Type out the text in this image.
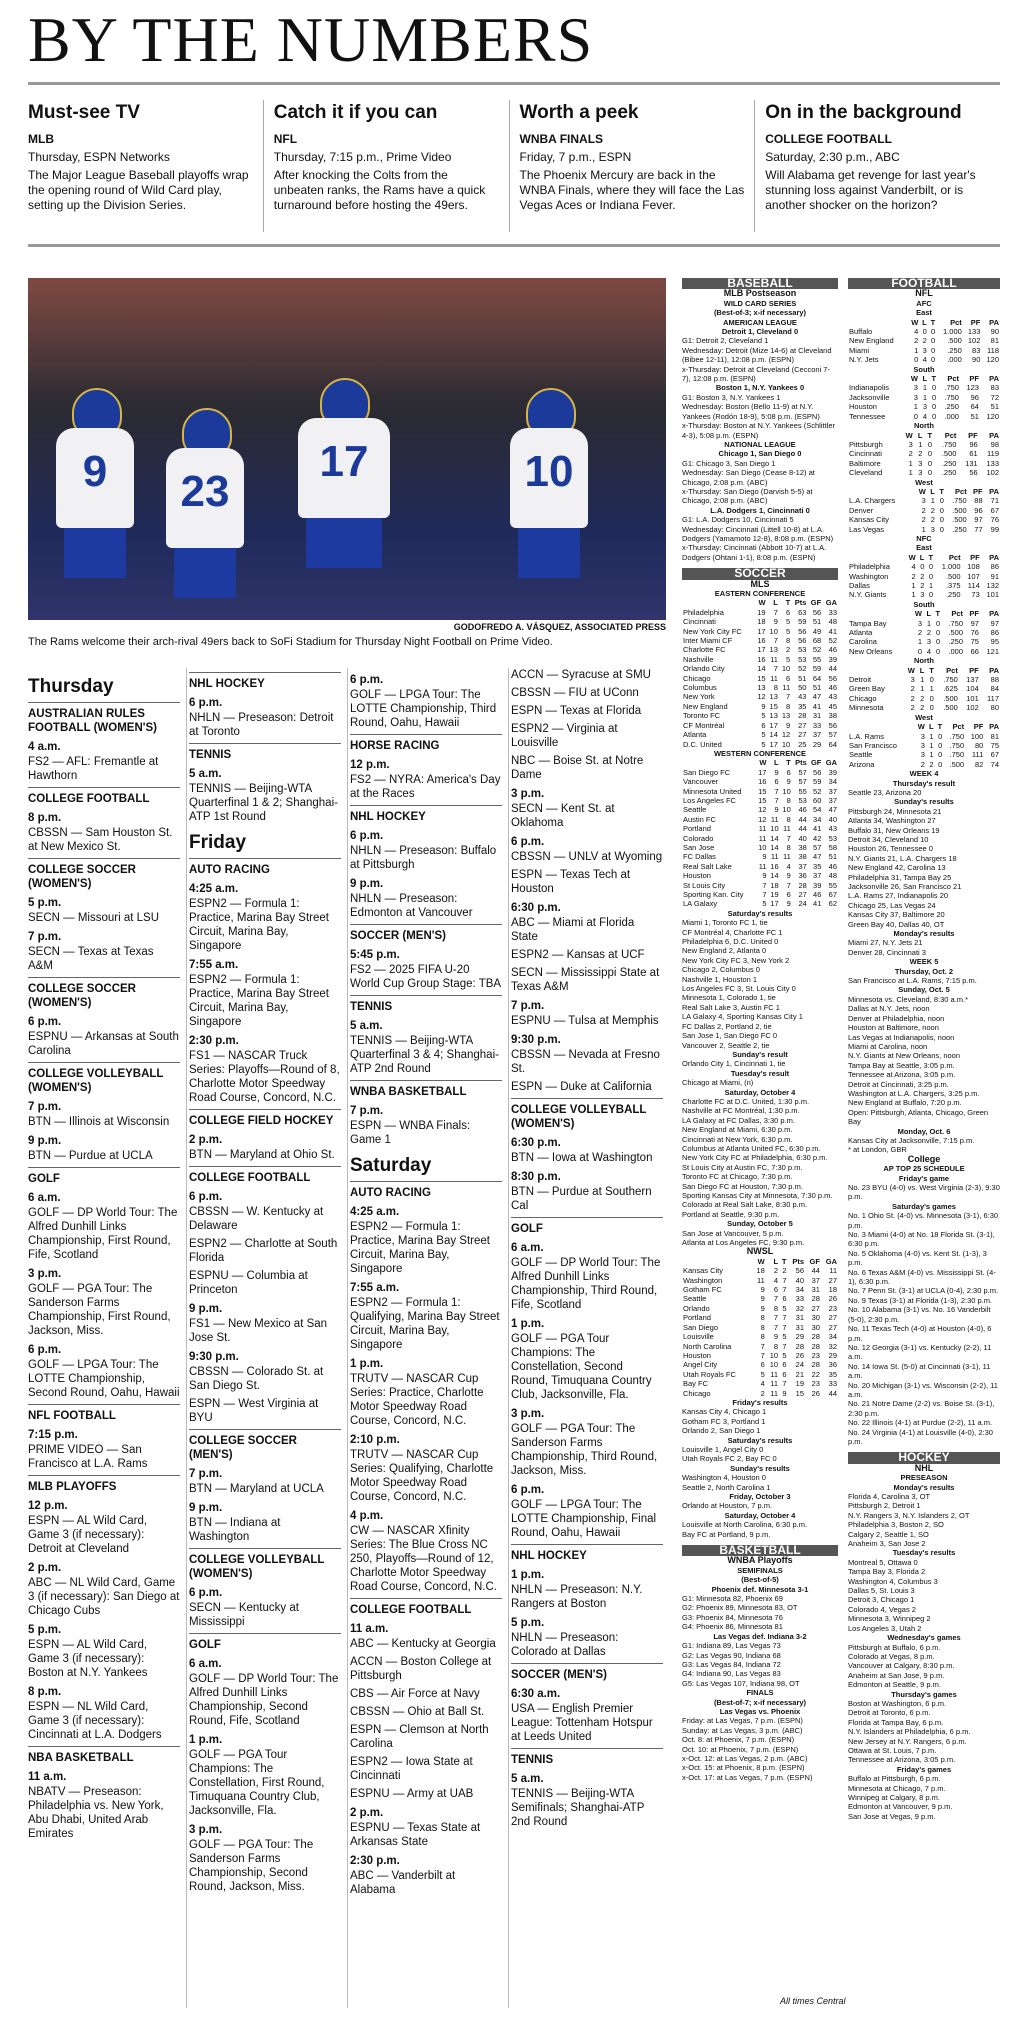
BY THE NUMBERS
Must-see TV
MLB
Thursday, ESPN Networks
The Major League Baseball playoffs wrap the opening round of Wild Card play, setting up the Division Series.
Catch it if you can
NFL
Thursday, 7:15 p.m., Prime Video
After knocking the Colts from the unbeaten ranks, the Rams have a quick turnaround before hosting the 49ers.
Worth a peek
WNBA FINALS
Friday, 7 p.m., ESPN
The Phoenix Mercury are back in the WNBA Finals, where they will face the Las Vegas Aces or Indiana Fever.
On in the background
COLLEGE FOOTBALL
Saturday, 2:30 p.m., ABC
Will Alabama get revenge for last year's stunning loss against Vanderbilt, or is another shocker on the horizon?
9	23
17	10
GODOFREDO A. VÁSQUEZ, ASSOCIATED PRESS
The Rams welcome their arch-rival 49ers back to SoFi Stadium for Thursday Night Football on Prime Video.
Thursday
AUSTRALIAN RULES FOOTBALL (WOMEN'S)
4 a.m.
FS2 — AFL: Fremantle at Hawthorn
COLLEGE FOOTBALL
8 p.m.
CBSSN — Sam Houston St. at New Mexico St.
COLLEGE SOCCER (WOMEN'S)
5 p.m.
SECN — Missouri at LSU
7 p.m.
SECN — Texas at Texas A&M
COLLEGE SOCCER (WOMEN'S)
6 p.m.
ESPNU — Arkansas at South Carolina
COLLEGE VOLLEYBALL (WOMEN'S)
7 p.m.
BTN — Illinois at Wisconsin
9 p.m.
BTN — Purdue at UCLA
GOLF
6 a.m.
GOLF — DP World Tour: The Alfred Dunhill Links Championship, First Round, Fife, Scotland
3 p.m.
GOLF — PGA Tour: The Sanderson Farms Championship, First Round, Jackson, Miss.
6 p.m.
GOLF — LPGA Tour: The LOTTE Championship, Second Round, Oahu, Hawaii
NFL FOOTBALL
7:15 p.m.
PRIME VIDEO — San Francisco at L.A. Rams
MLB PLAYOFFS
12 p.m.
ESPN — AL Wild Card, Game 3 (if necessary): Detroit at Cleveland
2 p.m.
ABC — NL Wild Card, Game 3 (if necessary): San Diego at Chicago Cubs
5 p.m.
ESPN — AL Wild Card, Game 3 (if necessary): Boston at N.Y. Yankees
8 p.m.
ESPN — NL Wild Card, Game 3 (if necessary): Cincinnati at L.A. Dodgers
NBA BASKETBALL
11 a.m.
NBATV — Preseason: Philadelphia vs. New York, Abu Dhabi, United Arab Emirates
NHL HOCKEY
6 p.m.
NHLN — Preseason: Detroit at Toronto
TENNIS
5 a.m.
TENNIS — Beijing-WTA Quarterfinal 1 & 2; Shanghai-ATP 1st Round
Friday
AUTO RACING
4:25 a.m.
ESPN2 — Formula 1: Practice, Marina Bay Street Circuit, Marina Bay, Singapore
7:55 a.m.
ESPN2 — Formula 1: Practice, Marina Bay Street Circuit, Marina Bay, Singapore
2:30 p.m.
FS1 — NASCAR Truck Series: Playoffs—Round of 8, Charlotte Motor Speedway Road Course, Concord, N.C.
COLLEGE FIELD HOCKEY
2 p.m.
BTN — Maryland at Ohio St.
COLLEGE FOOTBALL
6 p.m.
CBSSN — W. Kentucky at Delaware
ESPN2 — Charlotte at South Florida
ESPNU — Columbia at Princeton
9 p.m.
FS1 — New Mexico at San Jose St.
9:30 p.m.
CBSSN — Colorado St. at San Diego St.
ESPN — West Virginia at BYU
COLLEGE SOCCER (MEN'S)
7 p.m.
BTN — Maryland at UCLA
9 p.m.
BTN — Indiana at Washington
COLLEGE VOLLEYBALL (WOMEN'S)
6 p.m.
SECN — Kentucky at Mississippi
GOLF
6 a.m.
GOLF — DP World Tour: The Alfred Dunhill Links Championship, Second Round, Fife, Scotland
1 p.m.
GOLF — PGA Tour Champions: The Constellation, First Round, Timuquana Country Club, Jacksonville, Fla.
3 p.m.
GOLF — PGA Tour: The Sanderson Farms Championship, Second Round, Jackson, Miss.
6 p.m.
GOLF — LPGA Tour: The LOTTE Championship, Third Round, Oahu, Hawaii
HORSE RACING
12 p.m.
FS2 — NYRA: America's Day at the Races
NHL HOCKEY
6 p.m.
NHLN — Preseason: Buffalo at Pittsburgh
9 p.m.
NHLN — Preseason: Edmonton at Vancouver
SOCCER (MEN'S)
5:45 p.m.
FS2 — 2025 FIFA U-20 World Cup Group Stage: TBA
TENNIS
5 a.m.
TENNIS — Beijing-WTA Quarterfinal 3 & 4; Shanghai-ATP 2nd Round
WNBA BASKETBALL
7 p.m.
ESPN — WNBA Finals: Game 1
Saturday
AUTO RACING
4:25 a.m.
ESPN2 — Formula 1: Practice, Marina Bay Street Circuit, Marina Bay, Singapore
7:55 a.m.
ESPN2 — Formula 1: Qualifying, Marina Bay Street Circuit, Marina Bay, Singapore
1 p.m.
TRUTV — NASCAR Cup Series: Practice, Charlotte Motor Speedway Road Course, Concord, N.C.
2:10 p.m.
TRUTV — NASCAR Cup Series: Qualifying, Charlotte Motor Speedway Road Course, Concord, N.C.
4 p.m.
CW — NASCAR Xfinity Series: The Blue Cross NC 250, Playoffs—Round of 12, Charlotte Motor Speedway Road Course, Concord, N.C.
COLLEGE FOOTBALL
11 a.m.
ABC — Kentucky at Georgia
ACCN — Boston College at Pittsburgh
CBS — Air Force at Navy
CBSSN — Ohio at Ball St.
ESPN — Clemson at North Carolina
ESPN2 — Iowa State at Cincinnati
ESPNU — Army at UAB
2 p.m.
ESPNU — Texas State at Arkansas State
2:30 p.m.
ABC — Vanderbilt at Alabama
ACCN — Syracuse at SMU
CBSSN — FIU at UConn
ESPN — Texas at Florida
ESPN2 — Virginia at Louisville
NBC — Boise St. at Notre Dame
3 p.m.
SECN — Kent St. at Oklahoma
6 p.m.
CBSSN — UNLV at Wyoming
ESPN — Texas Tech at Houston
6:30 p.m.
ABC — Miami at Florida State
ESPN2 — Kansas at UCF
SECN — Mississippi State at Texas A&M
7 p.m.
ESPNU — Tulsa at Memphis
9:30 p.m.
CBSSN — Nevada at Fresno St.
ESPN — Duke at California
COLLEGE VOLLEYBALL (WOMEN'S)
6:30 p.m.
BTN — Iowa at Washington
8:30 p.m.
BTN — Purdue at Southern Cal
GOLF
6 a.m.
GOLF — DP World Tour: The Alfred Dunhill Links Championship, Third Round, Fife, Scotland
1 p.m.
GOLF — PGA Tour Champions: The Constellation, Second Round, Timuquana Country Club, Jacksonville, Fla.
3 p.m.
GOLF — PGA Tour: The Sanderson Farms Championship, Third Round, Jackson, Miss.
6 p.m.
GOLF — LPGA Tour: The LOTTE Championship, Final Round, Oahu, Hawaii
NHL HOCKEY
1 p.m.
NHLN — Preseason: N.Y. Rangers at Boston
5 p.m.
NHLN — Preseason: Colorado at Dallas
SOCCER (MEN'S)
6:30 a.m.
USA — English Premier League: Tottenham Hotspur at Leeds United
TENNIS
5 a.m.
TENNIS — Beijing-WTA Semifinals; Shanghai-ATP 2nd Round
BASEBALL
MLB Postseason
WILD CARD SERIES
(Best-of-3; x-if necessary)
AMERICAN LEAGUE
Detroit 1, Cleveland 0
G1: Detroit 2, Cleveland 1
Wednesday: Detroit (Mize 14-6) at Cleveland (Bibee 12-11), 12:08 p.m. (ESPN)
x-Thursday: Detroit at Cleveland (Cecconi 7-7), 12:08 p.m. (ESPN)
Boston 1, N.Y. Yankees 0
G1: Boston 3, N.Y. Yankees 1
Wednesday: Boston (Bello 11-9) at N.Y. Yankees (Rodón 18-9), 5:08 p.m. (ESPN)
x-Thursday: Boston at N.Y. Yankees (Schlittler 4-3), 5:08 p.m. (ESPN)
NATIONAL LEAGUE
Chicago 1, San Diego 0
G1: Chicago 3, San Diego 1
Wednesday: San Diego (Cease 8-12) at Chicago, 2:08 p.m. (ABC)
x-Thursday: San Diego (Darvish 5-5) at Chicago, 2:08 p.m. (ABC)
L.A. Dodgers 1, Cincinnati 0
G1: L.A. Dodgers 10, Cincinnati 5
Wednesday: Cincinnati (Littell 10-8) at L.A. Dodgers (Yamamoto 12-8), 8:08 p.m. (ESPN)
x-Thursday: Cincinnati (Abbott 10-7) at L.A. Dodgers (Ohtani 1-1), 8:08 p.m. (ESPN)
SOCCER
MLS
EASTERN CONFERENCE
	W	L	T	Pts	GF	GA
Philadelphia	19	7	6	63	56	33
Cincinnati	18	9	5	59	51	48
New York City FC	17	10	5	56	49	41
Inter Miami CF	16	7	8	56	68	52
Charlotte FC	17	13	2	53	52	46
Nashville	16	11	5	53	55	39
Orlando City	14	7	10	52	59	44
Chicago	15	11	6	51	64	56
Columbus	13	8	11	50	51	46
New York	12	13	7	43	47	43
New England	9	15	8	35	41	45
Toronto FC	5	13	13	28	31	38
CF Montréal	6	17	9	27	33	56
Atlanta	5	14	12	27	37	57
D.C. United	5	17	10	25	29	64
WESTERN CONFERENCE
	W	L	T	Pts	GF	GA
San Diego FC	17	9	6	57	56	39
Vancouver	16	6	9	57	59	34
Minnesota United	15	7	10	55	52	37
Los Angeles FC	15	7	8	53	60	37
Seattle	12	9	10	46	54	47
Austin FC	12	11	8	44	34	40
Portland	11	10	11	44	41	43
Colorado	11	14	7	40	42	53
San Jose	10	14	8	38	57	58
FC Dallas	9	11	11	38	47	51
Real Salt Lake	11	16	4	37	35	46
Houston	9	14	9	36	37	48
St Louis City	7	18	7	28	39	55
Sporting Kan. City	7	19	6	27	46	67
LA Galaxy	5	17	9	24	41	62
Saturday's results
Miami 1, Toronto FC 1, tie
CF Montréal 4, Charlotte FC 1
Philadelphia 6, D.C. United 0
New England 2, Atlanta 0
New York City FC 3, New York 2
Chicago 2, Columbus 0
Nashville 1, Houston 1
Los Angeles FC 3, St. Louis City 0
Minnesota 1, Colorado 1, tie
Real Salt Lake 3, Austin FC 1
LA Galaxy 4, Sporting Kansas City 1
FC Dallas 2, Portland 2, tie
San Jose 1, San Diego FC 0
Vancouver 2, Seattle 2, tie
Sunday's result
Orlando City 1, Cincinnati 1, tie
Tuesday's result
Chicago at Miami, (n)
Saturday, October 4
Charlotte FC at D.C. United, 1:30 p.m.
Nashville at FC Montréal, 1:30 p.m.
LA Galaxy at FC Dallas, 3:30 p.m.
New England at Miami, 6:30 p.m.
Cincinnati at New York, 6:30 p.m.
Columbus at Atlanta United FC, 6:30 p.m.
New York City FC at Philadelphia, 6:30 p.m.
St Louis City at Austin FC, 7:30 p.m.
Toronto FC at Chicago, 7:30 p.m.
San Diego FC at Houston, 7:30 p.m.
Sporting Kansas City at Minnesota, 7:30 p.m.
Colorado at Real Salt Lake, 8:30 p.m.
Portland at Seattle, 9:30 p.m.
Sunday, October 5
San Jose at Vancouver, 5 p.m.
Atlanta at Los Angeles FC, 9:30 p.m.
NWSL
	W	L	T	Pts	GF	GA
Kansas City	18	2	2	56	44	11
Washington	11	4	7	40	37	27
Gotham FC	9	6	7	34	31	18
Seattle	9	7	6	33	28	26
Orlando	9	8	5	32	27	23
Portland	8	7	7	31	30	27
San Diego	8	7	7	31	30	27
Louisville	8	9	5	29	28	34
North Carolina	7	8	7	28	28	32
Houston	7	10	5	26	23	29
Angel City	6	10	6	24	28	36
Utah Royals FC	5	11	6	21	22	35
Bay FC	4	11	7	19	23	33
Chicago	2	11	9	15	26	44
Friday's results
Kansas City 4, Chicago 1
Gotham FC 3, Portland 1
Orlando 2, San Diego 1
Saturday's results
Louisville 1, Angel City 0
Utah Royals FC 2, Bay FC 0
Sunday's results
Washington 4, Houston 0
Seattle 2, North Carolina 1
Friday, October 3
Orlando at Houston, 7 p.m.
Saturday, October 4
Louisville at North Carolina, 6:30 p.m.
Bay FC at Portland, 9 p.m.
BASKETBALL
WNBA Playoffs
SEMIFINALS
(Best-of-5)
Phoenix def. Minnesota 3-1
G1: Minnesota 82, Phoenix 69
G2: Phoenix 89, Minnesota 83, OT
G3: Phoenix 84, Minnesota 76
G4: Phoenix 86, Minnesota 81
Las Vegas def. Indiana 3-2
G1: Indiana 89, Las Vegas 73
G2: Las Vegas 90, Indiana 68
G3: Las Vegas 84, Indiana 72
G4: Indiana 90, Las Vegas 83
G5: Las Vegas 107, Indiana 98, OT
FINALS
(Best-of-7; x-if necessary)
Las Vegas vs. Phoenix
Friday: at Las Vegas, 7 p.m. (ESPN)
Sunday: at Las Vegas, 3 p.m. (ABC)
Oct. 8: at Phoenix, 7 p.m. (ESPN)
Oct. 10: at Phoenix, 7 p.m. (ESPN)
x-Oct. 12: at Las Vegas, 2 p.m. (ABC)
x-Oct. 15: at Phoenix, 8 p.m. (ESPN)
x-Oct. 17: at Las Vegas, 7 p.m. (ESPN)
FOOTBALL
NFL
AFC
East
	W	L	T	Pct	PF	PA
Buffalo	4	0	0	1.000	133	90
New England	2	2	0	.500	102	81
Miami	1	3	0	.250	83	118
N.Y. Jets	0	4	0	.000	90	120
South
	W	L	T	Pct	PF	PA
Indianapolis	3	1	0	.750	123	83
Jacksonville	3	1	0	.750	96	72
Houston	1	3	0	.250	64	51
Tennessee	0	4	0	.000	51	120
North
	W	L	T	Pct	PF	PA
Pittsburgh	3	1	0	.750	96	98
Cincinnati	2	2	0	.500	61	119
Baltimore	1	3	0	.250	131	133
Cleveland	1	3	0	.250	56	102
West
	W	L	T	Pct	PF	PA
L.A. Chargers	3	1	0	.750	88	71
Denver	2	2	0	.500	96	67
Kansas City	2	2	0	.500	97	76
Las Vegas	1	3	0	.250	77	99
NFC
East
	W	L	T	Pct	PF	PA
Philadelphia	4	0	0	1.000	108	86
Washington	2	2	0	.500	107	91
Dallas	1	2	1	.375	114	132
N.Y. Giants	1	3	0	.250	73	101
South
	W	L	T	Pct	PF	PA
Tampa Bay	3	1	0	.750	97	97
Atlanta	2	2	0	.500	76	86
Carolina	1	3	0	.250	75	95
New Orleans	0	4	0	.000	66	121
North
	W	L	T	Pct	PF	PA
Detroit	3	1	0	.750	137	88
Green Bay	2	1	1	.625	104	84
Chicago	2	2	0	.500	101	117
Minnesota	2	2	0	.500	102	80
West
	W	L	T	Pct	PF	PA
L.A. Rams	3	1	0	.750	100	81
San Francisco	3	1	0	.750	80	75
Seattle	3	1	0	.750	111	67
Arizona	2	2	0	.500	82	74
WEEK 4
Thursday's result
Seattle 23, Arizona 20
Sunday's results
Pittsburgh 24, Minnesota 21
Atlanta 34, Washington 27
Buffalo 31, New Orleans 19
Detroit 34, Cleveland 10
Houston 26, Tennessee 0
N.Y. Giants 21, L.A. Chargers 18
New England 42, Carolina 13
Philadelphia 31, Tampa Bay 25
Jacksonville 26, San Francisco 21
L.A. Rams 27, Indianapolis 20
Chicago 25, Las Vegas 24
Kansas City 37, Baltimore 20
Green Bay 40, Dallas 40, OT
Monday's results
Miami 27, N.Y. Jets 21
Denver 28, Cincinnati 3
WEEK 5
Thursday, Oct. 2
San Francisco at L.A. Rams, 7:15 p.m.
Sunday, Oct. 5
Minnesota vs. Cleveland, 8:30 a.m.*
Dallas at N.Y. Jets, noon
Denver at Philadelphia, noon
Houston at Baltimore, noon
Las Vegas at Indianapolis, noon
Miami at Carolina, noon
N.Y. Giants at New Orleans, noon
Tampa Bay at Seattle, 3:05 p.m.
Tennessee at Arizona, 3:05 p.m.
Detroit at Cincinnati, 3:25 p.m.
Washington at L.A. Chargers, 3:25 p.m.
New England at Buffalo, 7:20 p.m.
Open: Pittsburgh, Atlanta, Chicago, Green Bay
Monday, Oct. 6
Kansas City at Jacksonville, 7:15 p.m.
* at London, GBR
College
AP TOP 25 SCHEDULE
Friday's game
No. 23 BYU (4-0) vs. West Virginia (2-3), 9:30 p.m.
Saturday's games
No. 1 Ohio St. (4-0) vs. Minnesota (3-1), 6:30 p.m.
No. 3 Miami (4-0) at No. 18 Florida St. (3-1), 6:30 p.m.
No. 5 Oklahoma (4-0) vs. Kent St. (1-3), 3 p.m.
No. 6 Texas A&M (4-0) vs. Mississippi St. (4-1), 6:30 p.m.
No. 7 Penn St. (3-1) at UCLA (0-4), 2:30 p.m.
No. 9 Texas (3-1) at Florida (1-3), 2:30 p.m.
No. 10 Alabama (3-1) vs. No. 16 Vanderbilt (5-0), 2:30 p.m.
No. 11 Texas Tech (4-0) at Houston (4-0), 6 p.m.
No. 12 Georgia (3-1) vs. Kentucky (2-2), 11 a.m.
No. 14 Iowa St. (5-0) at Cincinnati (3-1), 11 a.m.
No. 20 Michigan (3-1) vs. Wisconsin (2-2), 11 a.m.
No. 21 Notre Dame (2-2) vs. Boise St. (3-1), 2:30 p.m.
No. 22 Illinois (4-1) at Purdue (2-2), 11 a.m.
No. 24 Virginia (4-1) at Louisville (4-0), 2:30 p.m.
HOCKEY
NHL
PRESEASON
Monday's results
Florida 4, Carolina 3, OT
Pittsburgh 2, Detroit 1
N.Y. Rangers 3, N.Y. Islanders 2, OT
Philadelphia 3, Boston 2, SO
Calgary 2, Seattle 1, SO
Anaheim 3, San Jose 2
Tuesday's results
Montreal 5, Ottawa 0
Tampa Bay 3, Florida 2
Washington 4, Columbus 3
Dallas 5, St. Louis 3
Detroit 3, Chicago 1
Colorado 4, Vegas 2
Minnesota 3, Winnipeg 2
Los Angeles 3, Utah 2
Wednesday's games
Pittsburgh at Buffalo, 6 p.m.
Colorado at Vegas, 8 p.m.
Vancouver at Calgary, 8:30 p.m.
Anaheim at San Jose, 9 p.m.
Edmonton at Seattle, 9 p.m.
Thursday's games
Boston at Washington, 6 p.m.
Detroit at Toronto, 6 p.m.
Florida at Tampa Bay, 6 p.m.
N.Y. Islanders at Philadelphia, 6 p.m.
New Jersey at N.Y. Rangers, 6 p.m.
Ottawa at St. Louis, 7 p.m.
Tennessee at Arizona, 3:05 p.m.
Friday's games
Buffalo at Pittsburgh, 6 p.m.
Minnesota at Chicago, 7 p.m.
Winnipeg at Calgary, 8 p.m.
Edmonton at Vancouver, 9 p.m.
San Jose at Vegas, 9 p.m.
All times Central
